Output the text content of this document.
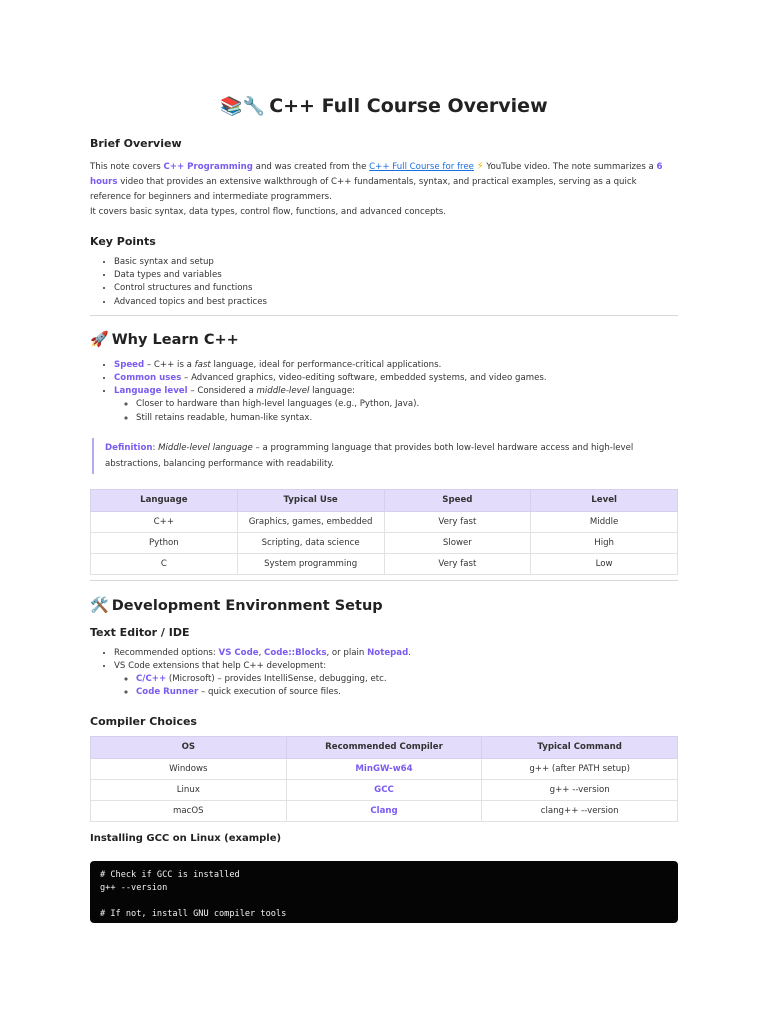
📚🔧 C++ Full Course Overview
Brief Overview

This note covers C++ Programming and was created from the C++ Full Course for free ⚡ YouTube video. The note summarizes a 6 hours video that provides an extensive walkthrough of C++ fundamentals, syntax, and practical examples, serving as a quick reference for beginners and intermediate programmers.

It covers basic syntax, data types, control flow, functions, and advanced concepts.

Key Points
• Basic syntax and setup
• Data types and variables
• Control structures and functions
• Advanced topics and best practices
🚀 Why Learn C++
• Speed – C++ is a fast language, ideal for performance-critical applications.
• Common uses – Advanced graphics, video-editing software, embedded systems, and video games.
• Language level – Considered a middle-level language:
◦ Closer to hardware than high-level languages (e.g., Python, Java).
◦ Still retains readable, human-like syntax.

Definition: Middle-level language – a programming language that provides both low-level hardware access and high-level abstractions, balancing performance with readability.

Language	Typical Use	Speed	Level
C++	Graphics, games, embedded	Very fast	Middle
Python	Scripting, data science	Slower	High
C	System programming	Very fast	Low
🛠️ Development Environment Setup
Text Editor / IDE
• Recommended options: VS Code, Code::Blocks, or plain Notepad.
• VS Code extensions that help C++ development:
◦ C/C++ (Microsoft) – provides IntelliSense, debugging, etc.
◦ Code Runner – quick execution of source files.
Compiler Choices
OS	Recommended Compiler	Typical Command
Windows	MinGW-w64	g++ (after PATH setup)
Linux	GCC	g++ --version
macOS	Clang	clang++ --version
Installing GCC on Linux (example)
# Check if GCC is installed
g++ --version
# If not, install GNU compiler tools
